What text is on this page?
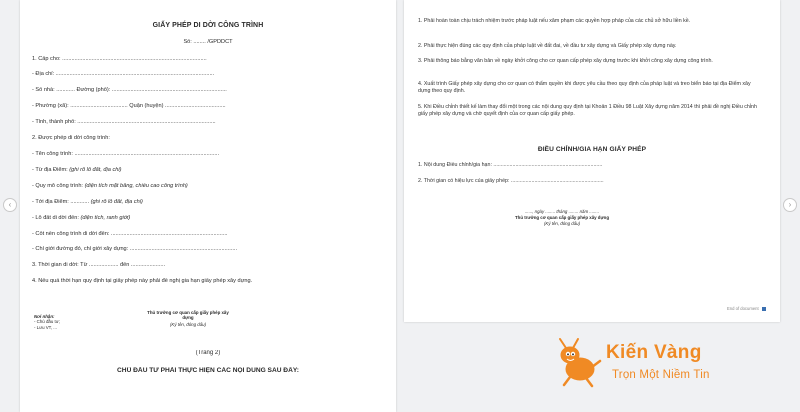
GIẤY PHÉP DI DỜI CÔNG TRÌNH
Số: ........ /GPDDCT
1. Cấp cho: .............................................................................................
- Địa chỉ: ......................................................................................................
- Số nhà: ............ Đường (phố): ..........................................................................
- Phường (xã): ..................................... Quận (huyện) .......................................
- Tỉnh, thành phố: .........................................................................................
2. Được phép di dời công trình:
- Tên công trình: .............................................................................................
- Từ địa Điểm: (ghi rõ lô đất, địa chỉ)
- Quy mô công trình: (diện tích mặt bằng, chiều cao công trình)
- Tới địa Điểm: ............ (ghi rõ lô đất, địa chỉ)
- Lô đất di dời đến: (diện tích, ranh giới)
- Cốt nền công trình di dời đến: ...........................................................................
- Chỉ giới đường đỏ, chỉ giới xây dựng: .....................................................................
3. Thời gian di dời: Từ ................... đến ......................
4. Nếu quá thời hạn quy định tại giấy phép này phải đề nghị gia hạn giấy phép xây dựng.
Thủ trưởng cơ quan cấp giấy phép xây
dựng
(Ký tên, đóng dấu)
Nơi nhận:
- Chủ đầu tư;
- Lưu VT, ...
(Trang 2)
CHỦ ĐẦU TƯ PHẢI THỰC HIỆN CÁC NỘI DUNG SAU ĐÂY:
1. Phải hoàn toàn chịu trách nhiệm trước pháp luật nếu xâm phạm các quyền hợp pháp của các chủ sở hữu liền kề.
2. Phải thực hiện đúng các quy định của pháp luật về đất đai, về đầu tư xây dựng và Giấy phép xây dựng này.
3. Phải thông báo bằng văn bản về ngày khởi công cho cơ quan cấp phép xây dựng trước khi khởi công xây dựng công trình.
4. Xuất trình Giấy phép xây dựng cho cơ quan có thẩm quyền khi được yêu cầu theo quy định của pháp luật và treo biển báo tại địa Điểm xây dựng theo quy định.
5. Khi Điều chỉnh thiết kế làm thay đổi một trong các nội dung quy định tại Khoản 1 Điều 98 Luật Xây dựng năm 2014 thì phải đề nghị Điều chỉnh giấy phép xây dựng và chờ quyết định của cơ quan cấp giấy phép.
ĐIỀU CHỈNH/GIA HẠN GIẤY PHÉP
1. Nội dung Điều chỉnh/gia hạn: ..........................................................................
2. Thời gian có hiệu lực của giấy phép: ...............................................................
......, ngày ........ tháng ........ năm ........
Thủ trưởng cơ quan cấp giấy phép xây dựng
(Ký tên, đóng dấu)
End of document
‹	›
Kiến Vàng
Trọn Một Niềm Tin
